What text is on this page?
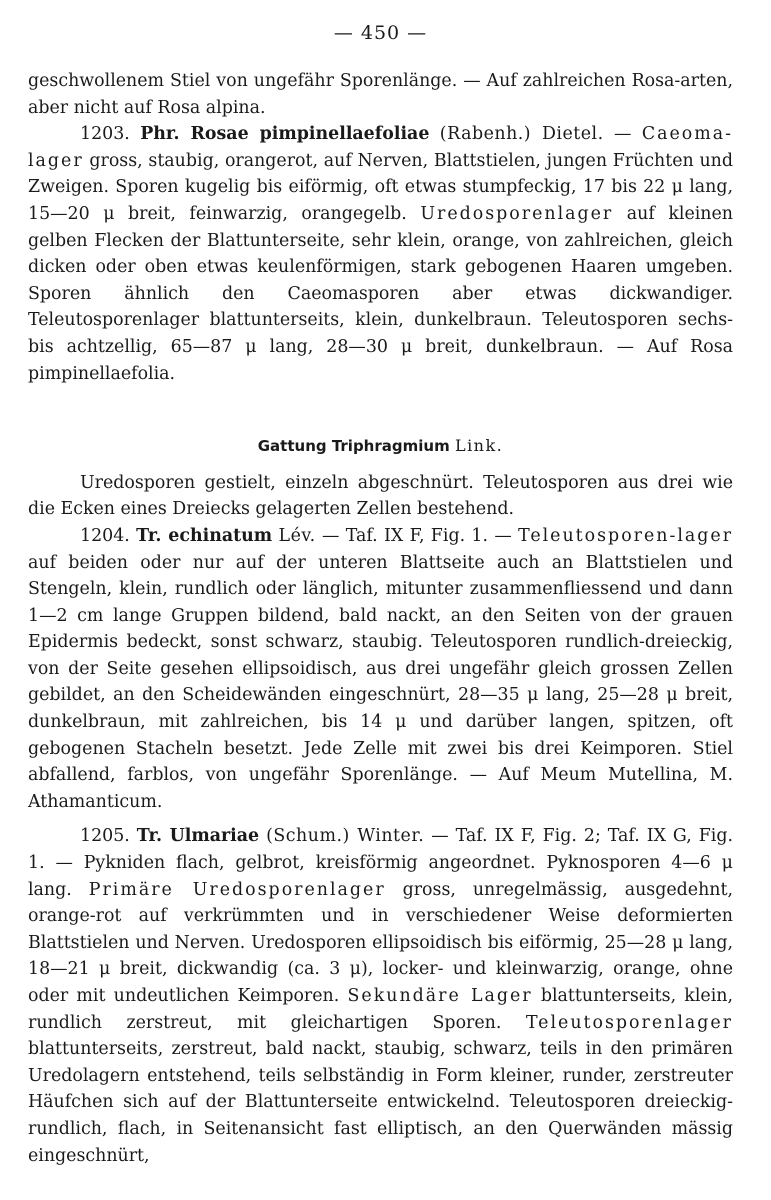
— 450 —

geschwollenem Stiel von ungefähr Sporenlänge. — Auf zahlreichen Rosa-arten, aber nicht auf Rosa alpina.

1203. Phr. Rosae pimpinellaefoliae (Rabenh.) Dietel. — Caeoma-lager gross, staubig, orangerot, auf Nerven, Blattstielen, jungen Früchten und Zweigen. Sporen kugelig bis eiförmig, oft etwas stumpfeckig, 17 bis 22 μ lang, 15—20 μ breit, feinwarzig, orangegelb. Uredosporenlager auf kleinen gelben Flecken der Blattunterseite, sehr klein, orange, von zahlreichen, gleich dicken oder oben etwas keulenförmigen, stark gebogenen Haaren umgeben. Sporen ähnlich den Caeomasporen aber etwas dickwandiger. Teleutosporenlager blattunterseits, klein, dunkelbraun. Teleutosporen sechs- bis achtzellig, 65—87 μ lang, 28—30 μ breit, dunkelbraun. — Auf Rosa pimpinellaefolia.

Gattung Triphragmium Link.

Uredosporen gestielt, einzeln abgeschnürt. Teleutosporen aus drei wie die Ecken eines Dreiecks gelagerten Zellen bestehend.

1204. Tr. echinatum Lév. — Taf. IX F, Fig. 1. — Teleutosporen-lager auf beiden oder nur auf der unteren Blattseite auch an Blattstielen und Stengeln, klein, rundlich oder länglich, mitunter zusammenfliessend und dann 1—2 cm lange Gruppen bildend, bald nackt, an den Seiten von der grauen Epidermis bedeckt, sonst schwarz, staubig. Teleutosporen rundlich-dreieckig, von der Seite gesehen ellipsoidisch, aus drei ungefähr gleich grossen Zellen gebildet, an den Scheidewänden eingeschnürt, 28—35 μ lang, 25—28 μ breit, dunkelbraun, mit zahlreichen, bis 14 μ und darüber langen, spitzen, oft gebogenen Stacheln besetzt. Jede Zelle mit zwei bis drei Keimporen. Stiel abfallend, farblos, von ungefähr Sporenlänge. — Auf Meum Mutellina, M. Athamanticum.

1205. Tr. Ulmariae (Schum.) Winter. — Taf. IX F, Fig. 2; Taf. IX G, Fig. 1. — Pykniden flach, gelbrot, kreisförmig angeordnet. Pyknosporen 4—6 μ lang. Primäre Uredosporenlager gross, unregelmässig, ausgedehnt, orange-rot auf verkrümmten und in verschiedener Weise deformierten Blattstielen und Nerven. Uredosporen ellipsoidisch bis eiförmig, 25—28 μ lang, 18—21 μ breit, dickwandig (ca. 3 μ), locker- und kleinwarzig, orange, ohne oder mit undeutlichen Keimporen. Sekundäre Lager blattunterseits, klein, rundlich zerstreut, mit gleichartigen Sporen. Teleutosporenlager blattunterseits, zerstreut, bald nackt, staubig, schwarz, teils in den primären Uredolagern entstehend, teils selbständig in Form kleiner, runder, zerstreuter Häufchen sich auf der Blattunterseite entwickelnd. Teleutosporen dreieckig-rundlich, flach, in Seitenansicht fast elliptisch, an den Querwänden mässig eingeschnürt,
